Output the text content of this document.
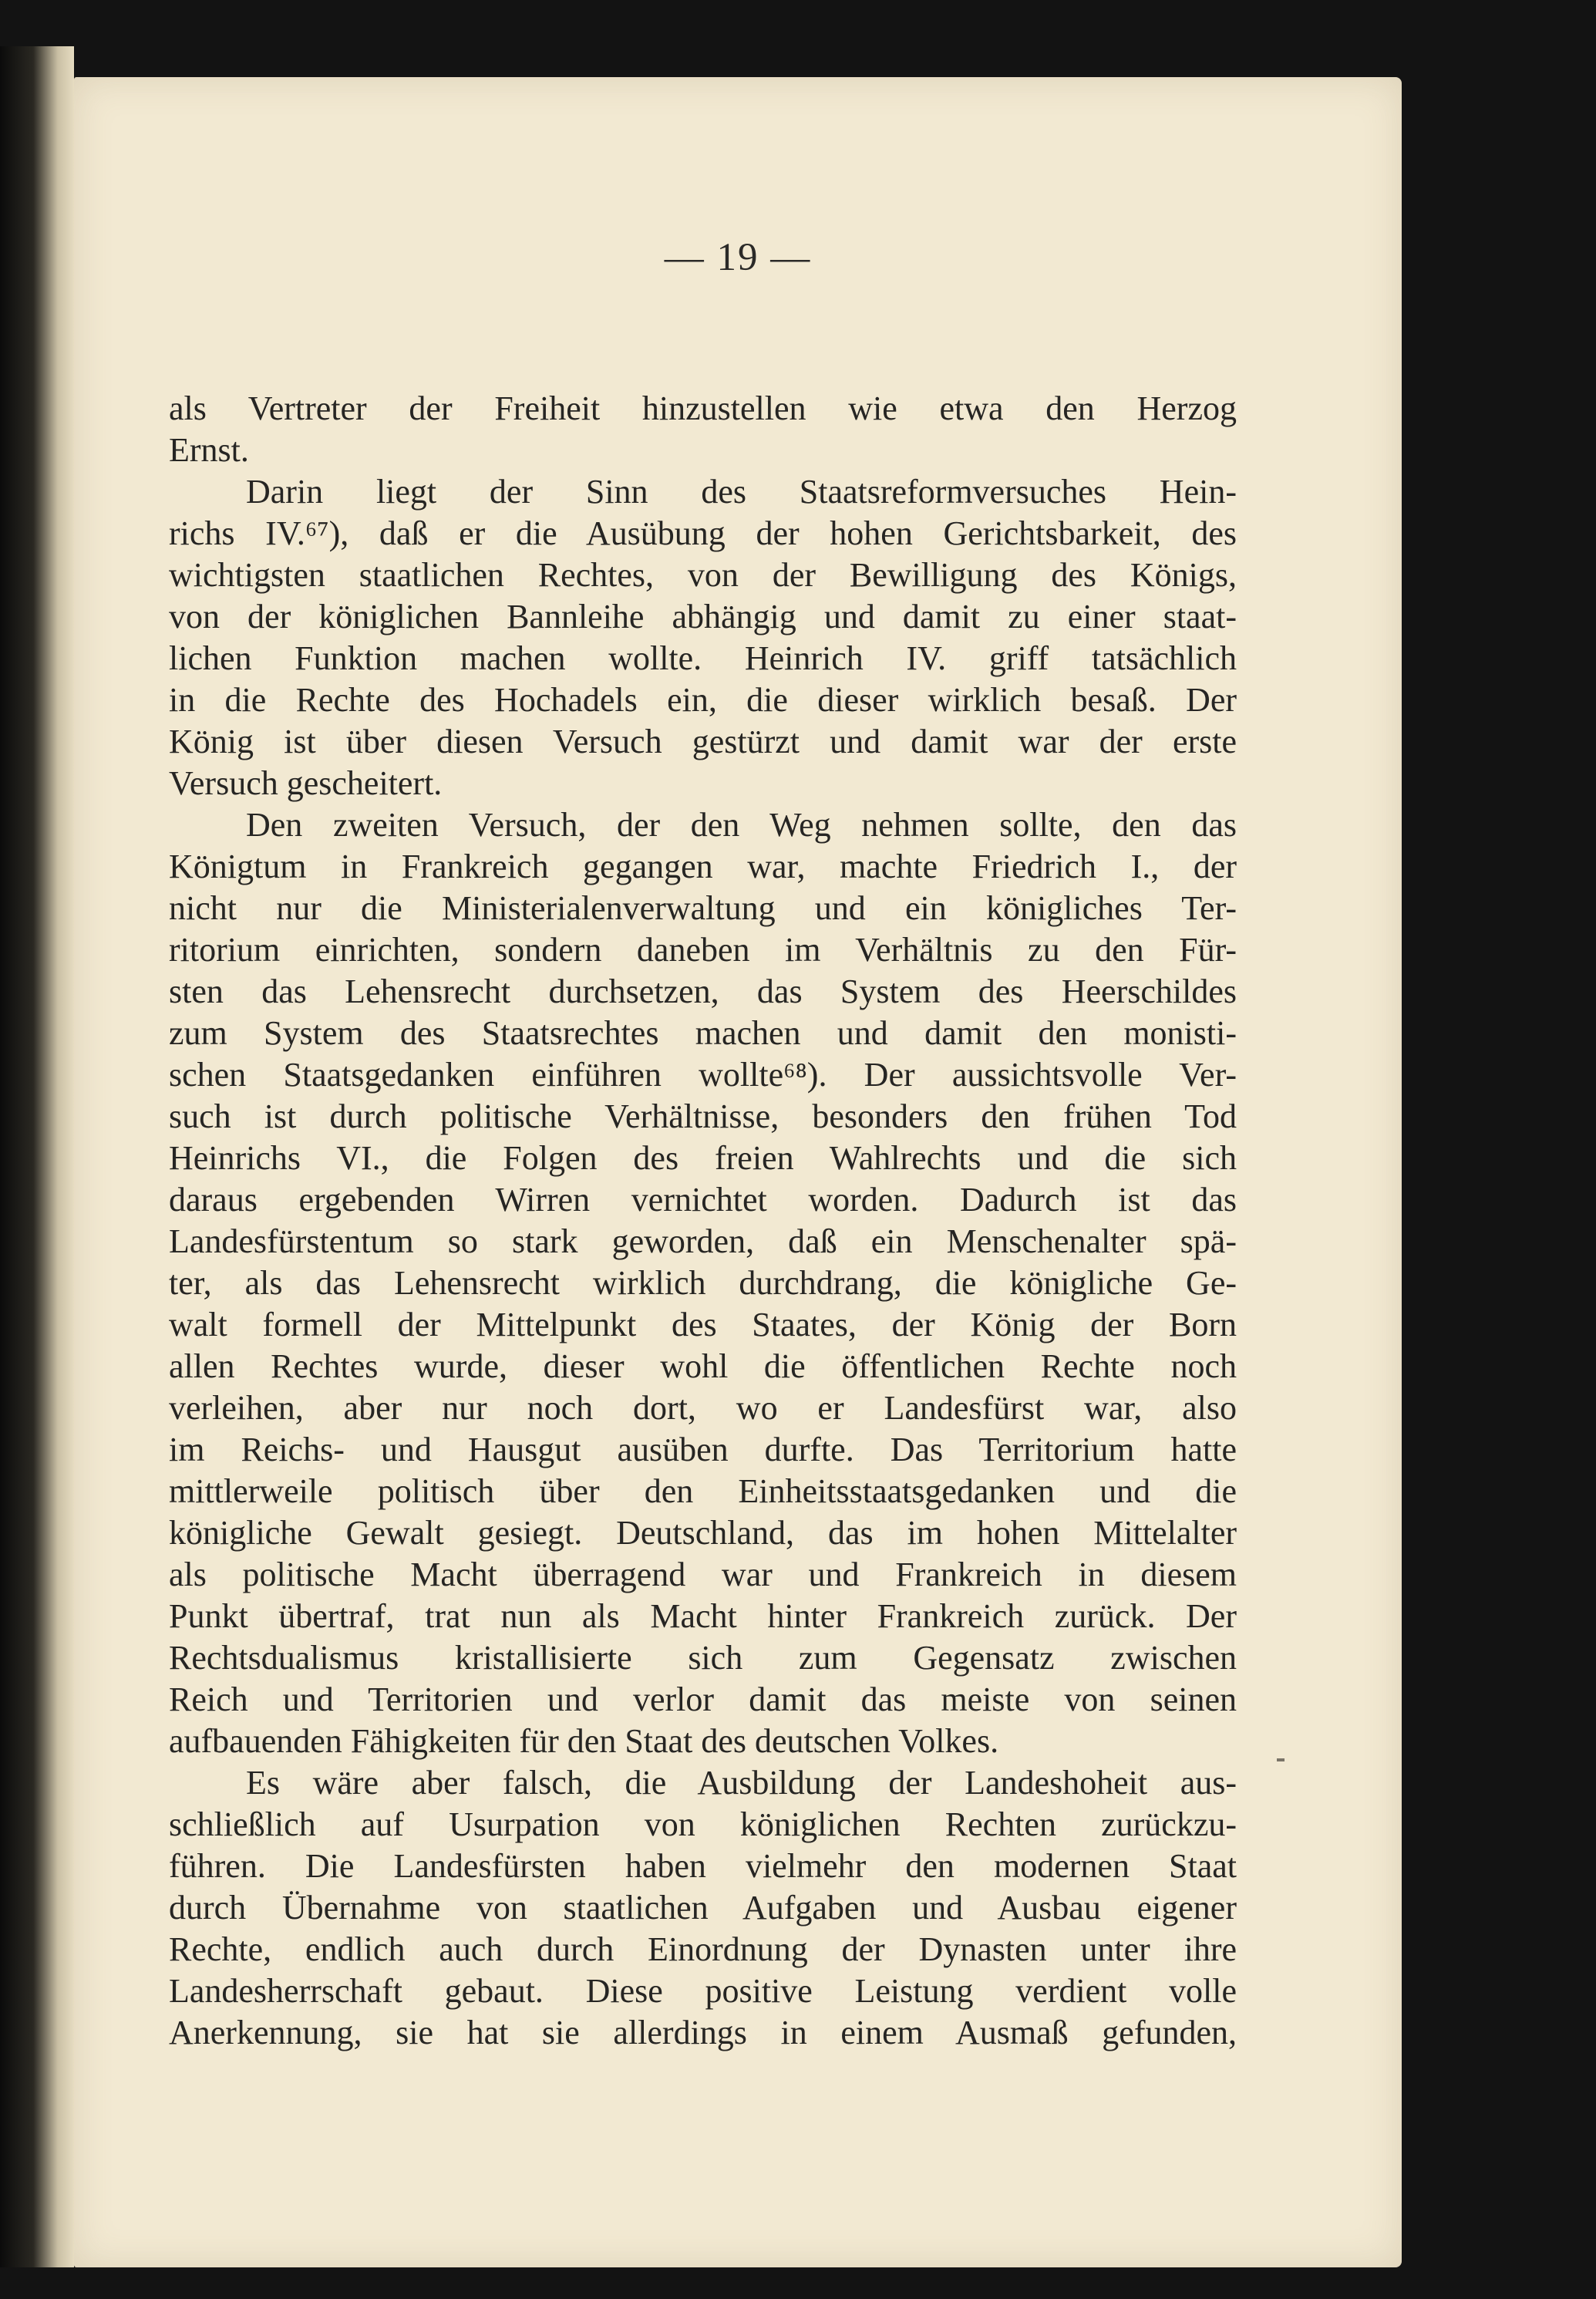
— 19 —

als Vertreter der Freiheit hinzustellen wie etwa den Herzog

Ernst.

Darin liegt der Sinn des Staatsreformversuches Hein-

richs IV.⁶⁷), daß er die Ausübung der hohen Gerichtsbarkeit, des

wichtigsten staatlichen Rechtes, von der Bewilligung des Königs,

von der königlichen Bannleihe abhängig und damit zu einer staat-

lichen Funktion machen wollte. Heinrich IV. griff tatsächlich

in die Rechte des Hochadels ein, die dieser wirklich besaß. Der

König ist über diesen Versuch gestürzt und damit war der erste

Versuch gescheitert.

Den zweiten Versuch, der den Weg nehmen sollte, den das

Königtum in Frankreich gegangen war, machte Friedrich I., der

nicht nur die Ministerialenverwaltung und ein königliches Ter-

ritorium einrichten, sondern daneben im Verhältnis zu den Für-

sten das Lehensrecht durchsetzen, das System des Heerschildes

zum System des Staatsrechtes machen und damit den monisti-

schen Staatsgedanken einführen wollte⁶⁸). Der aussichtsvolle Ver-

such ist durch politische Verhältnisse, besonders den frühen Tod

Heinrichs VI., die Folgen des freien Wahlrechts und die sich

daraus ergebenden Wirren vernichtet worden. Dadurch ist das

Landesfürstentum so stark geworden, daß ein Menschenalter spä-

ter, als das Lehensrecht wirklich durchdrang, die königliche Ge-

walt formell der Mittelpunkt des Staates, der König der Born

allen Rechtes wurde, dieser wohl die öffentlichen Rechte noch

verleihen, aber nur noch dort, wo er Landesfürst war, also

im Reichs- und Hausgut ausüben durfte. Das Territorium hatte

mittlerweile politisch über den Einheitsstaatsgedanken und die

königliche Gewalt gesiegt. Deutschland, das im hohen Mittelalter

als politische Macht überragend war und Frankreich in diesem

Punkt übertraf, trat nun als Macht hinter Frankreich zurück. Der

Rechtsdualismus kristallisierte sich zum Gegensatz zwischen

Reich und Territorien und verlor damit das meiste von seinen

aufbauenden Fähigkeiten für den Staat des deutschen Volkes.

Es wäre aber falsch, die Ausbildung der Landeshoheit aus-

schließlich auf Usurpation von königlichen Rechten zurückzu-

führen. Die Landesfürsten haben vielmehr den modernen Staat

durch Übernahme von staatlichen Aufgaben und Ausbau eigener

Rechte, endlich auch durch Einordnung der Dynasten unter ihre

Landesherrschaft gebaut. Diese positive Leistung verdient volle

Anerkennung, sie hat sie allerdings in einem Ausmaß gefunden,
